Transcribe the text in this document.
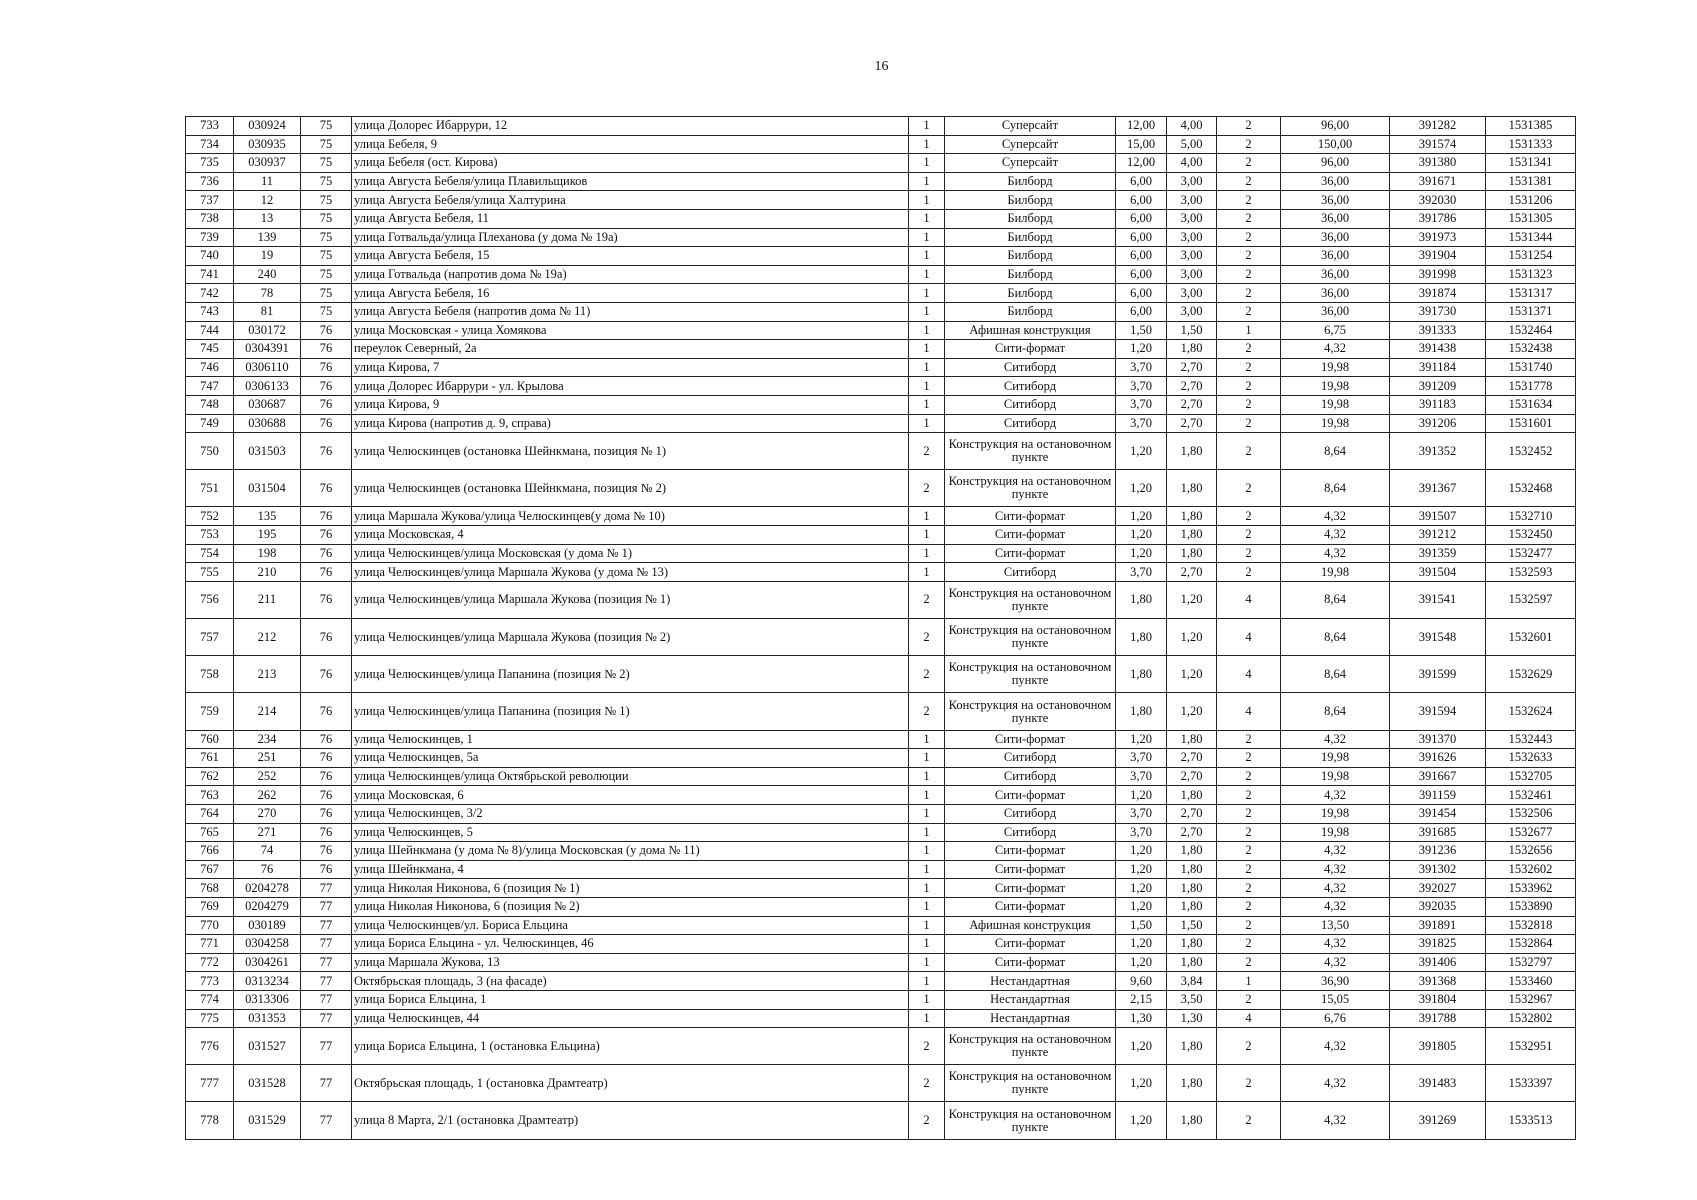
16
733	030924	75	улица Долорес Ибаррури, 12	1	Суперсайт	12,00	4,00	2	96,00	391282	1531385
734	030935	75	улица Бебеля, 9	1	Суперсайт	15,00	5,00	2	150,00	391574	1531333
735	030937	75	улица Бебеля (ост. Кирова)	1	Суперсайт	12,00	4,00	2	96,00	391380	1531341
736	11	75	улица Августа Бебеля/улица Плавильщиков	1	Билборд	6,00	3,00	2	36,00	391671	1531381
737	12	75	улица Августа Бебеля/улица Халтурина	1	Билборд	6,00	3,00	2	36,00	392030	1531206
738	13	75	улица Августа Бебеля, 11	1	Билборд	6,00	3,00	2	36,00	391786	1531305
739	139	75	улица Готвальда/улица Плеханова (у дома № 19а)	1	Билборд	6,00	3,00	2	36,00	391973	1531344
740	19	75	улица Августа Бебеля, 15	1	Билборд	6,00	3,00	2	36,00	391904	1531254
741	240	75	улица Готвальда (напротив дома № 19а)	1	Билборд	6,00	3,00	2	36,00	391998	1531323
742	78	75	улица Августа Бебеля, 16	1	Билборд	6,00	3,00	2	36,00	391874	1531317
743	81	75	улица Августа Бебеля (напротив дома № 11)	1	Билборд	6,00	3,00	2	36,00	391730	1531371
744	030172	76	улица Московская - улица Хомякова	1	Афишная конструкция	1,50	1,50	1	6,75	391333	1532464
745	0304391	76	переулок Северный, 2а	1	Сити-формат	1,20	1,80	2	4,32	391438	1532438
746	0306110	76	улица Кирова, 7	1	Ситиборд	3,70	2,70	2	19,98	391184	1531740
747	0306133	76	улица Долорес Ибаррури - ул. Крылова	1	Ситиборд	3,70	2,70	2	19,98	391209	1531778
748	030687	76	улица Кирова, 9	1	Ситиборд	3,70	2,70	2	19,98	391183	1531634
749	030688	76	улица Кирова (напротив д. 9, справа)	1	Ситиборд	3,70	2,70	2	19,98	391206	1531601
750	031503	76	улица Челюскинцев (остановка Шейнкмана, позиция № 1)	2	Конструкция на остановочном пункте	1,20	1,80	2	8,64	391352	1532452
751	031504	76	улица Челюскинцев (остановка Шейнкмана, позиция № 2)	2	Конструкция на остановочном пункте	1,20	1,80	2	8,64	391367	1532468
752	135	76	улица Маршала Жукова/улица Челюскинцев(у дома № 10)	1	Сити-формат	1,20	1,80	2	4,32	391507	1532710
753	195	76	улица Московская, 4	1	Сити-формат	1,20	1,80	2	4,32	391212	1532450
754	198	76	улица Челюскинцев/улица Московская (у дома № 1)	1	Сити-формат	1,20	1,80	2	4,32	391359	1532477
755	210	76	улица Челюскинцев/улица Маршала Жукова (у дома № 13)	1	Ситиборд	3,70	2,70	2	19,98	391504	1532593
756	211	76	улица Челюскинцев/улица Маршала Жукова (позиция № 1)	2	Конструкция на остановочном пункте	1,80	1,20	4	8,64	391541	1532597
757	212	76	улица Челюскинцев/улица Маршала Жукова (позиция № 2)	2	Конструкция на остановочном пункте	1,80	1,20	4	8,64	391548	1532601
758	213	76	улица Челюскинцев/улица Папанина (позиция № 2)	2	Конструкция на остановочном пункте	1,80	1,20	4	8,64	391599	1532629
759	214	76	улица Челюскинцев/улица Папанина (позиция № 1)	2	Конструкция на остановочном пункте	1,80	1,20	4	8,64	391594	1532624
760	234	76	улица Челюскинцев, 1	1	Сити-формат	1,20	1,80	2	4,32	391370	1532443
761	251	76	улица Челюскинцев, 5а	1	Ситиборд	3,70	2,70	2	19,98	391626	1532633
762	252	76	улица Челюскинцев/улица Октябрьской революции	1	Ситиборд	3,70	2,70	2	19,98	391667	1532705
763	262	76	улица Московская, 6	1	Сити-формат	1,20	1,80	2	4,32	391159	1532461
764	270	76	улица Челюскинцев, 3/2	1	Ситиборд	3,70	2,70	2	19,98	391454	1532506
765	271	76	улица Челюскинцев, 5	1	Ситиборд	3,70	2,70	2	19,98	391685	1532677
766	74	76	улица Шейнкмана (у дома № 8)/улица Московская (у дома № 11)	1	Сити-формат	1,20	1,80	2	4,32	391236	1532656
767	76	76	улица Шейнкмана, 4	1	Сити-формат	1,20	1,80	2	4,32	391302	1532602
768	0204278	77	улица Николая Никонова, 6 (позиция № 1)	1	Сити-формат	1,20	1,80	2	4,32	392027	1533962
769	0204279	77	улица Николая Никонова, 6 (позиция № 2)	1	Сити-формат	1,20	1,80	2	4,32	392035	1533890
770	030189	77	улица Челюскинцев/ул. Бориса Ельцина	1	Афишная конструкция	1,50	1,50	2	13,50	391891	1532818
771	0304258	77	улица Бориса Ельцина - ул. Челюскинцев, 46	1	Сити-формат	1,20	1,80	2	4,32	391825	1532864
772	0304261	77	улица Маршала Жукова, 13	1	Сити-формат	1,20	1,80	2	4,32	391406	1532797
773	0313234	77	Октябрьская площадь, 3 (на фасаде)	1	Нестандартная	9,60	3,84	1	36,90	391368	1533460
774	0313306	77	улица Бориса Ельцина, 1	1	Нестандартная	2,15	3,50	2	15,05	391804	1532967
775	031353	77	улица Челюскинцев, 44	1	Нестандартная	1,30	1,30	4	6,76	391788	1532802
776	031527	77	улица Бориса Ельцина, 1 (остановка Ельцина)	2	Конструкция на остановочном пункте	1,20	1,80	2	4,32	391805	1532951
777	031528	77	Октябрьская площадь, 1 (остановка Драмтеатр)	2	Конструкция на остановочном пункте	1,20	1,80	2	4,32	391483	1533397
778	031529	77	улица 8 Марта, 2/1 (остановка Драмтеатр)	2	Конструкция на остановочном пункте	1,20	1,80	2	4,32	391269	1533513
